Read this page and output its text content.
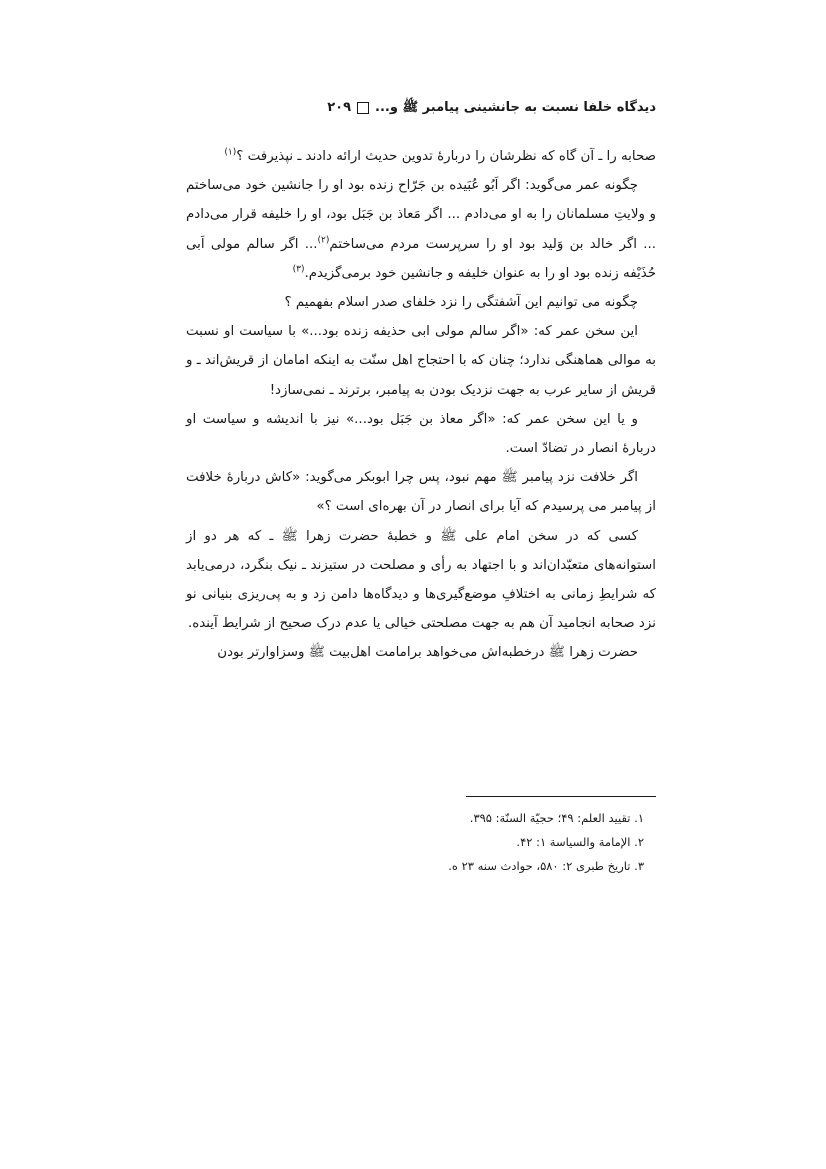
دیدگاه خلفا نسبت به جانشینی پیامبر ﷺ و...۲۰۹

صحابه را ـ آن گاه که نظرشان را دربارهٔ تدوین حدیث ارائه دادند ـ نپذیرفت ؟$^{(۱)}$

چگونه عمر می‌گوید: اگر اَبُو عُبَیده بن جَرّاح زنده بود او را جانشین خود می‌ساختم و ولایتِ مسلمانان را به او می‌دادم ... اگر مَعاذ بن جَبَل بود، او را خلیفه قرار می‌دادم ... اگر خالد بن وَلید بود او را سرپرست مردم می‌ساختم$^{(۲)}$... اگر سالم مولی اَبی حُذَیْفه زنده بود او را به عنوان خلیفه و جانشین خود برمی‌گزیدم.$^{(۳)}$

چگونه می توانیم این آشفتگی را نزد خلفای صدر اسلام بفهمیم ؟

این سخن عمر که: «اگر سالم مولی ابی حذیفه زنده بود...» با سیاست او نسبت به موالی هماهنگی ندارد؛ چنان که با احتجاج اهل سنّت به اینکه امامان از قریش‌اند ـ و قریش از سایر عرب به جهت نزدیک بودن به پیامبر، برترند ـ نمی‌سازد!

و یا این سخن عمر که: «اگر معاذ بن جَبَل بود...» نیز با اندیشه و سیاست او دربارهٔ انصار در تضادّ است.

اگر خلافت نزد پیامبر ﷺ مهم نبود، پس چرا ابوبکر می‌گوید: «کاش دربارهٔ خلافت از پیامبر می پرسیدم که آیا برای انصار در آن بهره‌ای است ؟»

کسی که در سخن امام علی ﷺ و خطبهٔ حضرت زهرا ﷺ ـ که هر دو از استوانه‌های متعبّدان‌اند و با اجتهاد به رأی و مصلحت در ستیزند ـ نیک بنگرد، درمی‌یابد که شرایطِ زمانی به اختلافِ موضع‌گیری‌ها و دیدگاه‌ها دامن زد و به پی‌ریزی بنیانی نو نزد صحابه انجامید آن هم به جهت مصلحتی خیالی یا عدم درک صحیح از شرایط آینده.

حضرت زهرا ﷺ درخطبه‌اش می‌خواهد برامامت اهل‌بیت ﷺ وسزاوارتر بودن

۱. تقیید العلم: ۴۹؛ حجیّة السنّة: ۳۹۵.
۲. الإمامة والسیاسة ۱: ۴۲.
۳. تاریخ طبری ۲: ۵۸۰، حوادث سنه ۲۳ ه.
